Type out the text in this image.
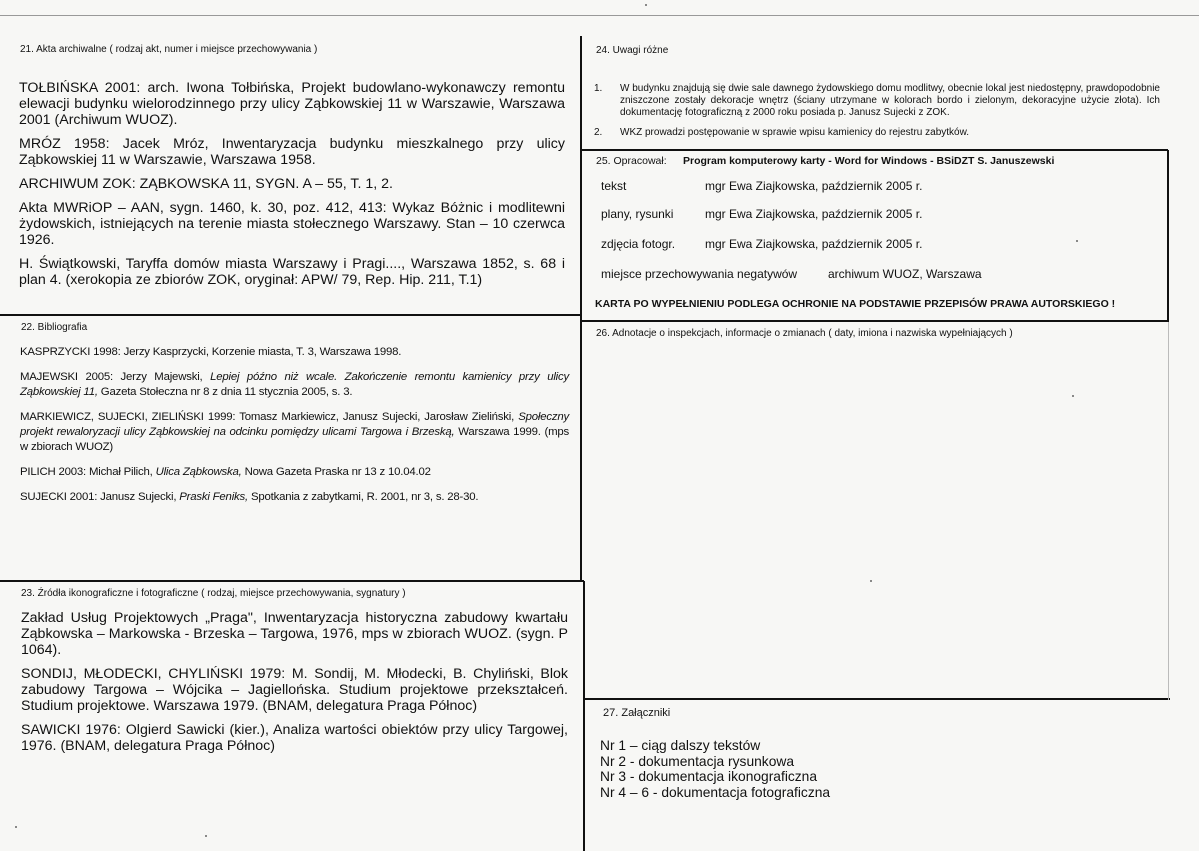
21. Akta archiwalne ( rodzaj akt, numer i miejsce przechowywania )

TOŁBIŃSKA 2001: arch. Iwona Tołbińska, Projekt budowlano-wykonawczy remontu elewacji budynku wielorodzinnego przy ulicy Ząbkowskiej 11 w Warszawie, Warszawa 2001 (Archiwum WUOZ).

MRÓZ 1958: Jacek Mróz, Inwentaryzacja budynku mieszkalnego przy ulicy Ząbkowskiej 11 w Warszawie, Warszawa 1958.

ARCHIWUM ZOK: ZĄBKOWSKA 11, SYGN. A – 55, T. 1, 2.

Akta MWRiOP – AAN, sygn. 1460, k. 30, poz. 412, 413: Wykaz Bóżnic i modlitewni żydowskich, istniejących na terenie miasta stołecznego Warszawy. Stan – 10 czerwca 1926.

H. Świątkowski, Taryffa domów miasta Warszawy i Pragi...., Warszawa 1852, s. 68 i plan 4. (xerokopia ze zbiorów ZOK, oryginał: APW/ 79, Rep. Hip. 211, T.1)

22. Bibliografia

KASPRZYCKI 1998: Jerzy Kasprzycki, Korzenie miasta, T. 3, Warszawa 1998.

MAJEWSKI 2005: Jerzy Majewski, Lepiej późno niż wcale. Zakończenie remontu kamienicy przy ulicy Ząbkowskiej 11, Gazeta Stołeczna nr 8 z dnia 11 stycznia 2005, s. 3.

MARKIEWICZ, SUJECKI, ZIELIŃSKI 1999: Tomasz Markiewicz, Janusz Sujecki, Jarosław Zieliński, Społeczny projekt rewaloryzacji ulicy Ząbkowskiej na odcinku pomiędzy ulicami Targowa i Brzeską, Warszawa 1999. (mps w zbiorach WUOZ)

PILICH 2003: Michał Pilich, Ulica Ząbkowska, Nowa Gazeta Praska nr 13 z 10.04.02

SUJECKI 2001: Janusz Sujecki, Praski Feniks, Spotkania z zabytkami, R. 2001, nr 3, s. 28-30.

23. Źródła ikonograficzne i fotograficzne ( rodzaj, miejsce przechowywania, sygnatury )

Zakład Usług Projektowych „Praga", Inwentaryzacja historyczna zabudowy kwartału Ząbkowska – Markowska - Brzeska – Targowa, 1976, mps w zbiorach WUOZ. (sygn. P 1064).

SONDIJ, MŁODECKI, CHYLIŃSKI 1979: M. Sondij, M. Młodecki, B. Chyliński, Blok zabudowy Targowa – Wójcika – Jagiellońska. Studium projektowe przekształceń. Studium projektowe. Warszawa 1979. (BNAM, delegatura Praga Północ)

SAWICKI 1976: Olgierd Sawicki (kier.), Analiza wartości obiektów przy ulicy Targowej, 1976. (BNAM, delegatura Praga Północ)

24. Uwagi różne
1. W budynku znajdują się dwie sale dawnego żydowskiego domu modlitwy, obecnie lokal jest niedostępny, prawdopodobnie zniszczone zostały dekoracje wnętrz (ściany utrzymane w kolorach bordo i zielonym, dekoracyjne użycie złota). Ich dokumentację fotograficzną z 2000 roku posiada p. Janusz Sujecki z ZOK.
2. WKZ prowadzi postępowanie w sprawie wpisu kamienicy do rejestru zabytków.
25. Opracował: Program komputerowy karty - Word for Windows - BSiDZT S. Januszewski
tekst	mgr Ewa Ziajkowska, październik 2005 r.
plany, rysunki	mgr Ewa Ziajkowska, październik 2005 r.
zdjęcia fotogr. mgr Ewa Ziajkowska, październik 2005 r.
miejsce przechowywania negatywów	archiwum WUOZ, Warszawa
KARTA PO WYPEŁNIENIU PODLEGA OCHRONIE NA PODSTAWIE PRZEPISÓW PRAWA AUTORSKIEGO !
26. Adnotacje o inspekcjach, informacje o zmianach ( daty, imiona i nazwiska wypełniających )
27. Załączniki
Nr 1 – ciąg dalszy tekstów
Nr 2 - dokumentacja rysunkowa
Nr 3 - dokumentacja ikonograficzna
Nr 4 – 6 - dokumentacja fotograficzna
